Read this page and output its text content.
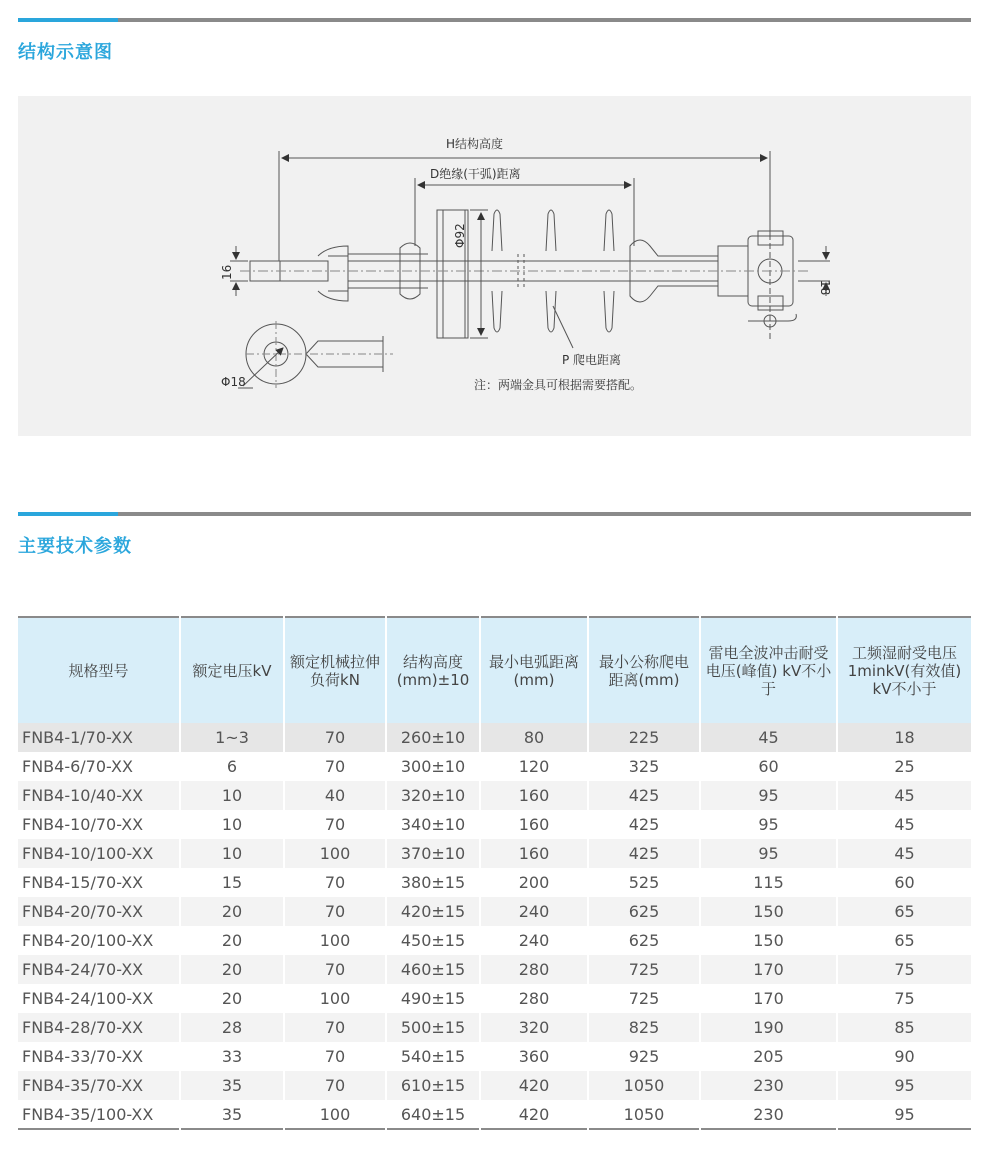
结构示意图
H结构高度
D绝缘(干弧)距离
Φ92
16
18
P 爬电距离
Φ18	注：两端金具可根据需要搭配。
主要技术参数
规格型号	额定电压kV	额定机械拉伸负荷kN	结构高度 (mm)±10	最小电弧距离 (mm)	最小公称爬电距离(mm)	雷电全波冲击耐受电压(峰值) kV不小于	工频湿耐受电压 1minkV(有效值) kV不小于
FNB4-1/70-XX	1~3	70	260±10	80	225	45	18
FNB4-6/70-XX	6	70	300±10	120	325	60	25
FNB4-10/40-XX	10	40	320±10	160	425	95	45
FNB4-10/70-XX	10	70	340±10	160	425	95	45
FNB4-10/100-XX	10	100	370±10	160	425	95	45
FNB4-15/70-XX	15	70	380±15	200	525	115	60
FNB4-20/70-XX	20	70	420±15	240	625	150	65
FNB4-20/100-XX	20	100	450±15	240	625	150	65
FNB4-24/70-XX	20	70	460±15	280	725	170	75
FNB4-24/100-XX	20	100	490±15	280	725	170	75
FNB4-28/70-XX	28	70	500±15	320	825	190	85
FNB4-33/70-XX	33	70	540±15	360	925	205	90
FNB4-35/70-XX	35	70	610±15	420	1050	230	95
FNB4-35/100-XX	35	100	640±15	420	1050	230	95
